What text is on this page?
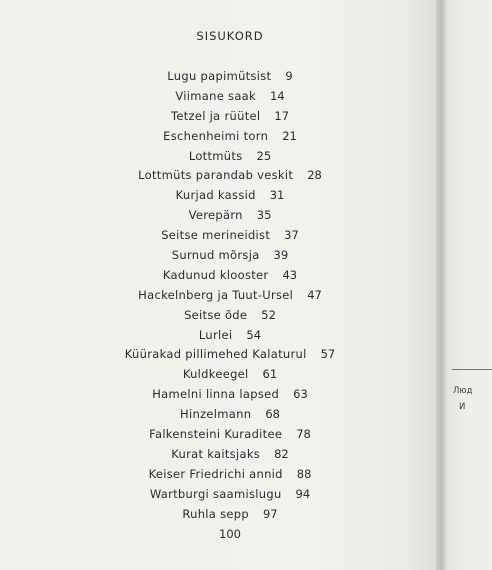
SISUKORD
Lugu papimütsist 9
Viimane saak 14
Tetzel ja rüütel 17
Eschenheimi torn 21
Lottmüts 25
Lottmüts parandab veskit 28
Kurjad kassid 31
Verepärn 35
Seitse merineidist 37
Surnud mõrsja 39
Kadunud klooster 43
Hackelnberg ja Tuut-Ursel 47
Seitse õde 52
Lurlei 54
Küürakad pillimehed Kalaturul 57
Kuldkeegel 61
Hamelni linna lapsed 63
Hinzelmann 68
Falkensteini Kuraditee 78
Kurat kaitsjaks 82
Keiser Friedrichi annid 88
Wartburgi saamislugu 94
Ruhla sepp 97
100
Люд
И
